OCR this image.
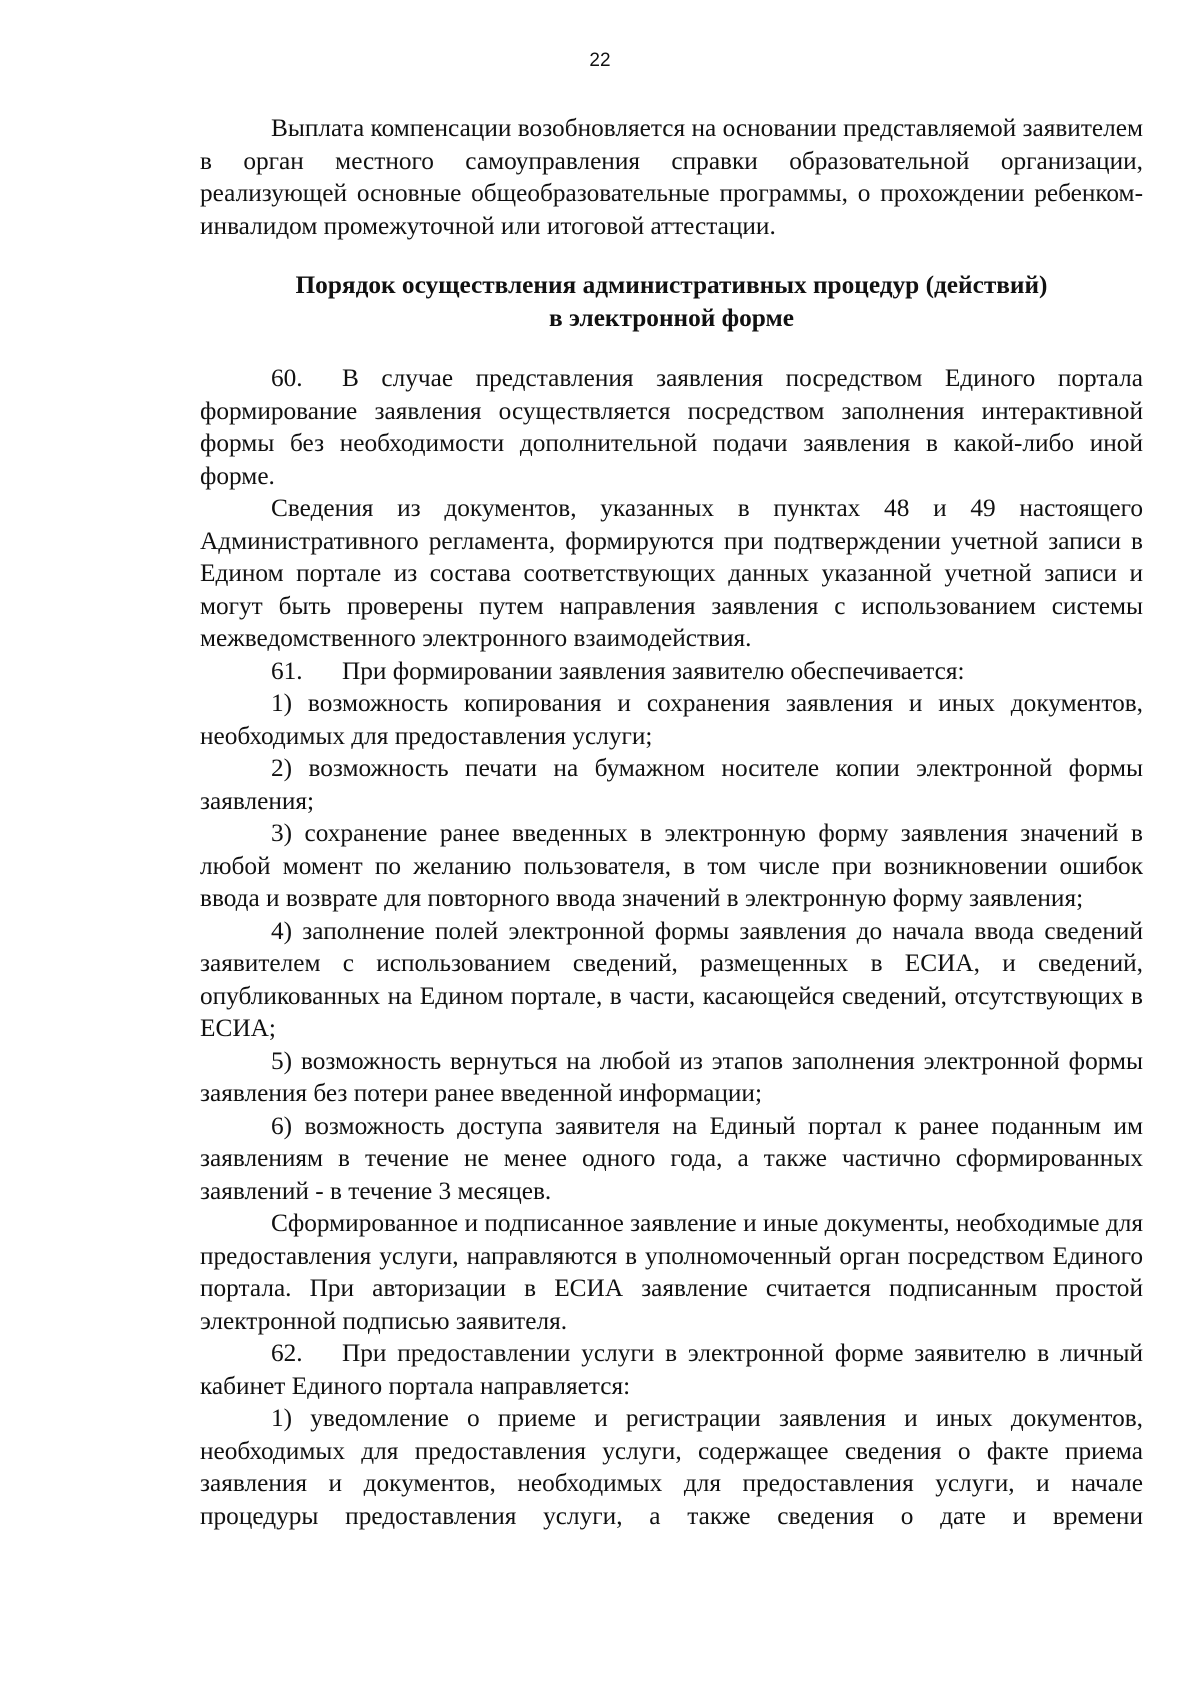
22

Выплата компенсации возобновляется на основании представляемой заявителем в орган местного самоуправления справки образовательной организации, реализующей основные общеобразовательные программы, о прохождении ребенком-инвалидом промежуточной или итоговой аттестации.

Порядок осуществления административных процедур (действий)
в электронной форме

60. В случае представления заявления посредством Единого портала формирование заявления осуществляется посредством заполнения интерактивной формы без необходимости дополнительной подачи заявления в какой-либо иной форме.

Сведения из документов, указанных в пунктах 48 и 49 настоящего Административного регламента, формируются при подтверждении учетной записи в Едином портале из состава соответствующих данных указанной учетной записи и могут быть проверены путем направления заявления с использованием системы межведомственного электронного взаимодействия.

61. При формировании заявления заявителю обеспечивается:

1) возможность копирования и сохранения заявления и иных документов, необходимых для предоставления услуги;

2) возможность печати на бумажном носителе копии электронной формы заявления;

3) сохранение ранее введенных в электронную форму заявления значений в любой момент по желанию пользователя, в том числе при возникновении ошибок ввода и возврате для повторного ввода значений в электронную форму заявления;

4) заполнение полей электронной формы заявления до начала ввода сведений заявителем с использованием сведений, размещенных в ЕСИА, и сведений, опубликованных на Едином портале, в части, касающейся сведений, отсутствующих в ЕСИА;

5) возможность вернуться на любой из этапов заполнения электронной формы заявления без потери ранее введенной информации;

6) возможность доступа заявителя на Единый портал к ранее поданным им заявлениям в течение не менее одного года, а также частично сформированных заявлений - в течение 3 месяцев.

Сформированное и подписанное заявление и иные документы, необходимые для предоставления услуги, направляются в уполномоченный орган посредством Единого портала. При авторизации в ЕСИА заявление считается подписанным простой электронной подписью заявителя.

62. При предоставлении услуги в электронной форме заявителю в личный кабинет Единого портала направляется:

1) уведомление о приеме и регистрации заявления и иных документов, необходимых для предоставления услуги, содержащее сведения о факте приема заявления и документов, необходимых для предоставления услуги, и начале процедуры предоставления услуги, а также сведения о дате и времени
